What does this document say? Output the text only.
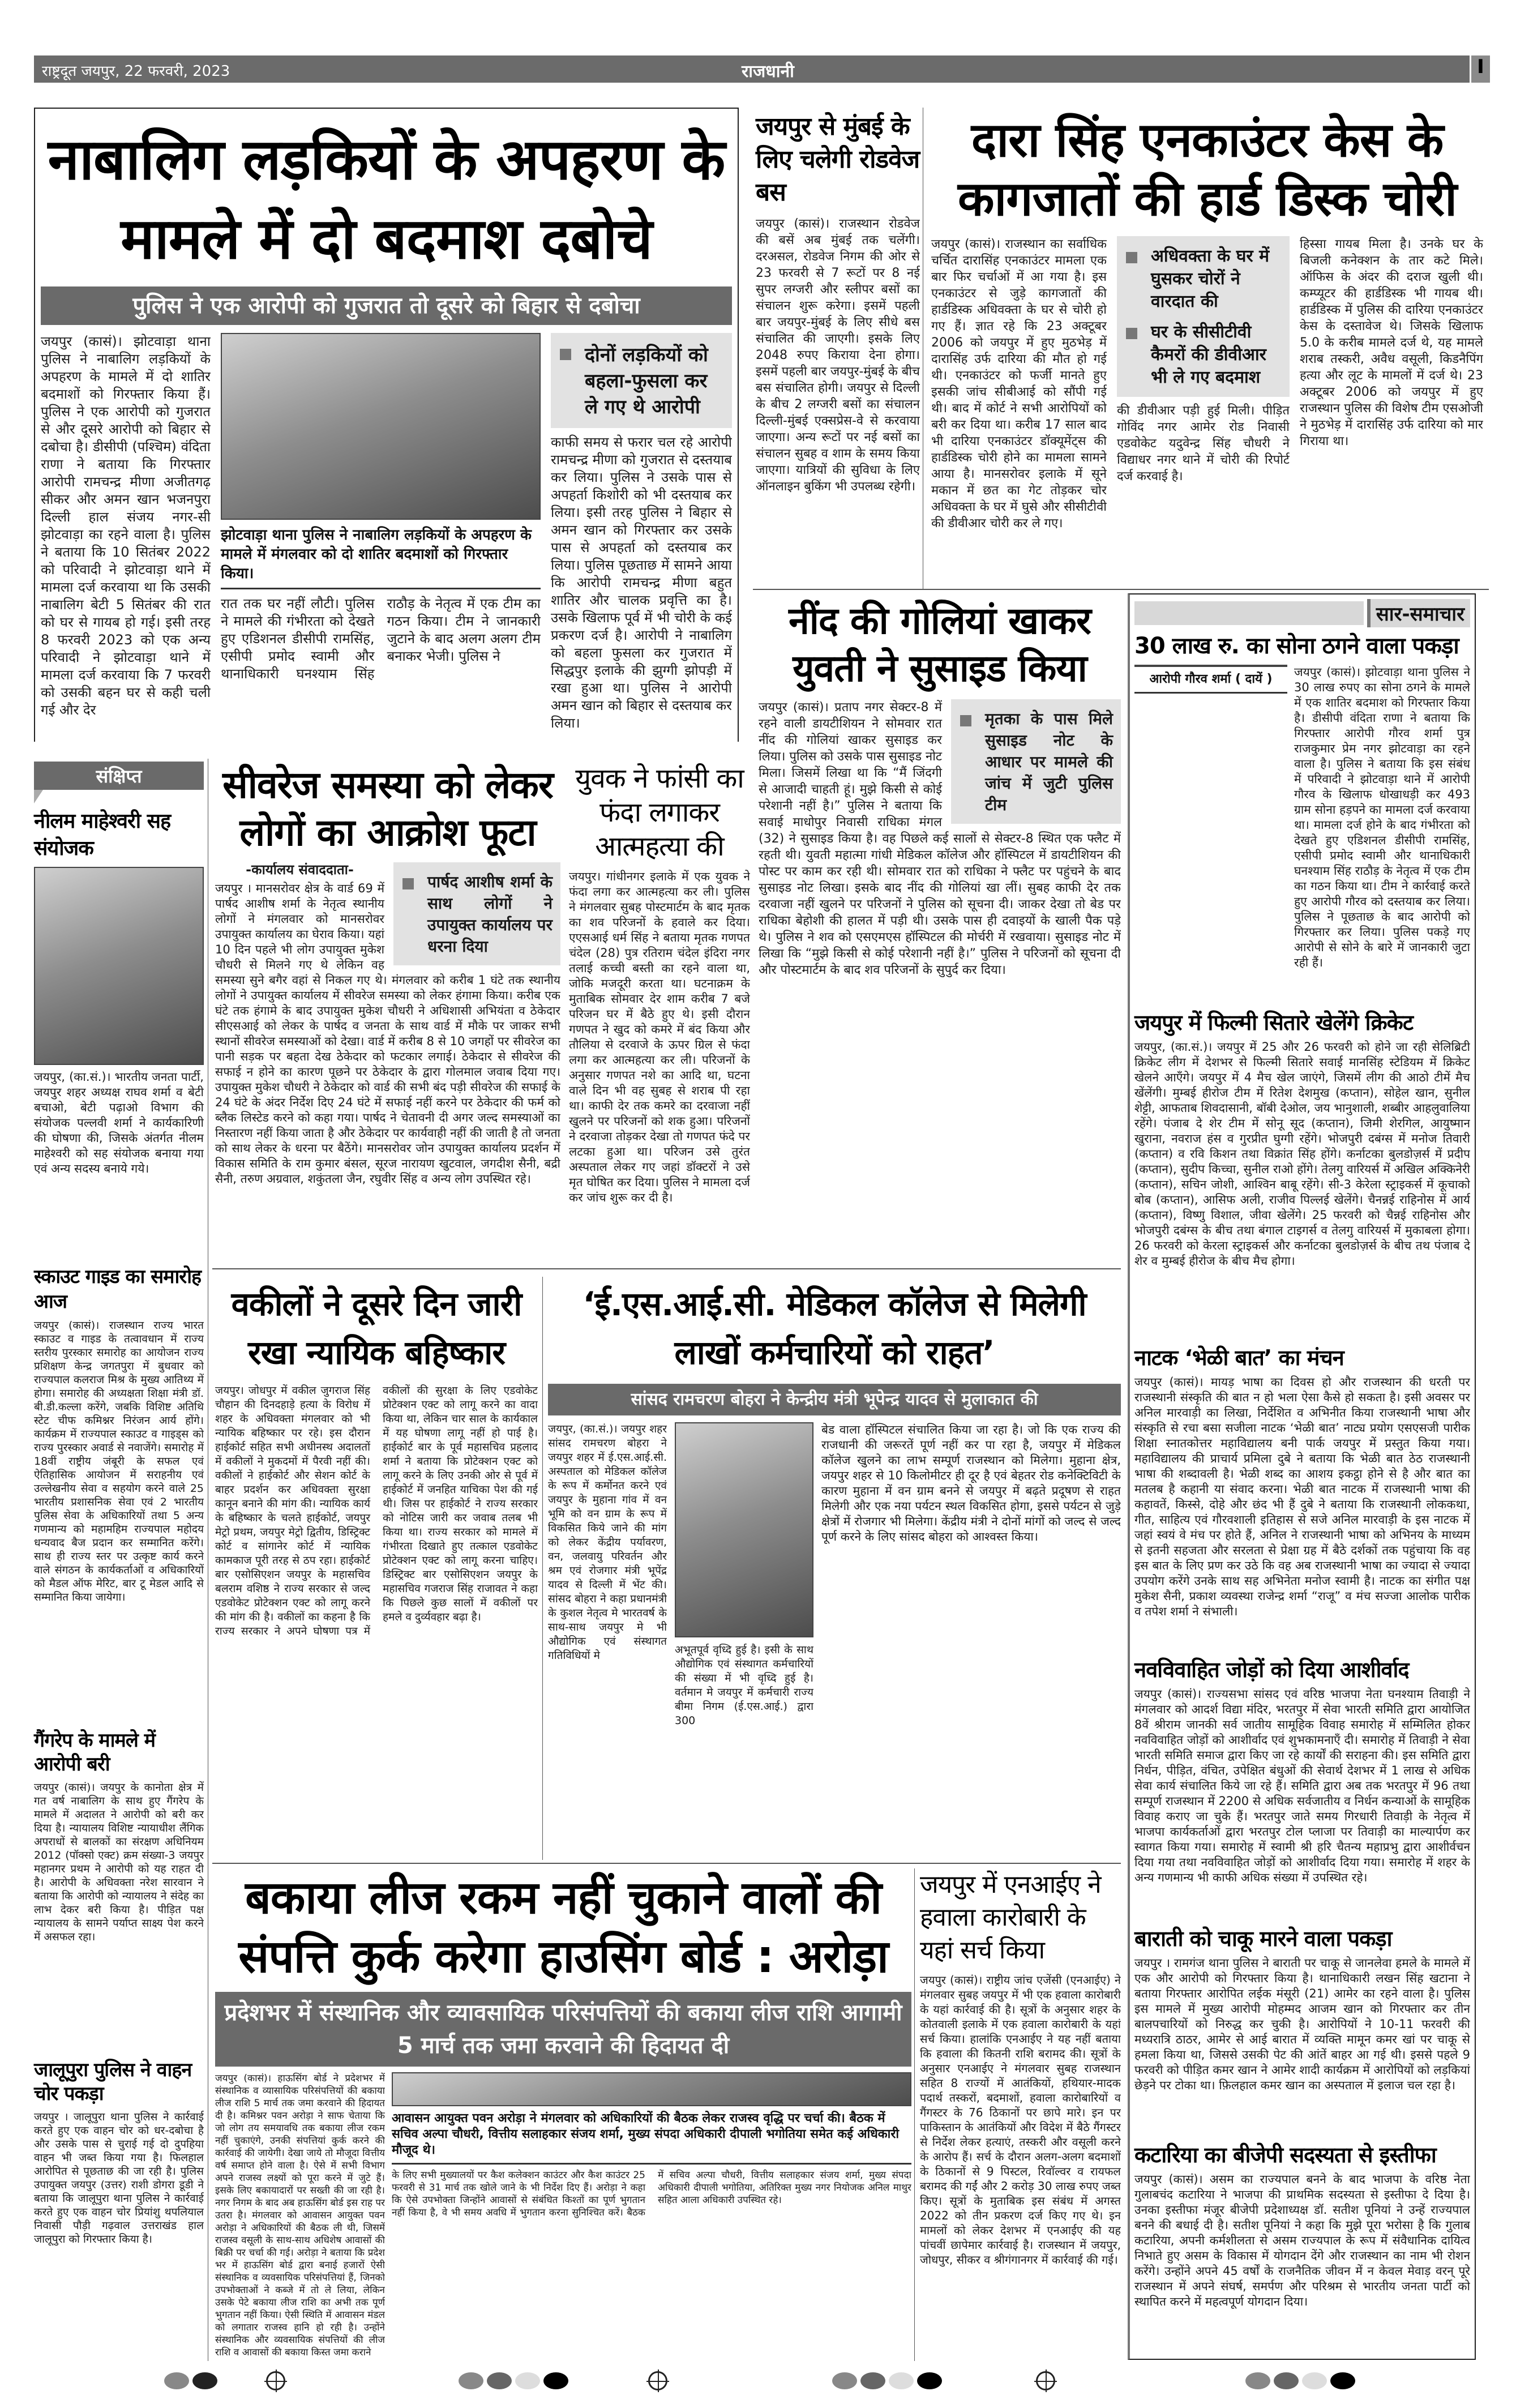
राष्ट्रदूत जयपुर, 22 फरवरी, 2023	राजधानी	I
नाबालिग लड़कियों के अपहरण के मामले में दो बदमाश दबोचे
पुलिस ने एक आरोपी को गुजरात तो दूसरे को बिहार से दबोचा
जयपुर (कासं)। झोटवाड़ा थाना पुलिस ने नाबालिग लड़कियों के अपहरण के मामले में दो शातिर बदमाशों को गिरफ्तार किया हैं। पुलिस ने एक आरोपी को गुजरात से और दूसरे आरोपी को बिहार से दबोचा है। डीसीपी (पश्चिम) वंदिता राणा ने बताया कि गिरफ्तार आरोपी रामचन्द्र मीणा अजीतगढ़ सीकर और अमन खान भजनपुरा दिल्ली हाल संजय नगर-सी झोटवाड़ा का रहने वाला है। पुलिस ने बताया कि 10 सितंबर 2022 को परिवादी ने झोटवाड़ा थाने में मामला दर्ज करवाया था कि उसकी नाबालिग बेटी 5 सितंबर की रात को घर से गायब हो गई। इसी तरह 8 फरवरी 2023 को एक अन्य परिवादी ने झोटवाड़ा थाने में मामला दर्ज करवाया कि 7 फरवरी को उसकी बहन घर से कही चली गई और देर
झोटवाड़ा थाना पुलिस ने नाबालिग लड़कियों के अपहरण के मामले में मंगलवार को दो शातिर बदमाशों को गिरफ्तार किया।
रात तक घर नहीं लौटी। पुलिस ने मामले की गंभीरता को देखते हुए एडिशनल डीसीपी रामसिंह, एसीपी प्रमोद स्वामी और थानाधिकारी घनश्याम सिंह राठौड़ के नेतृत्व में एक टीम का गठन किया। टीम ने जानकारी जुटाने के बाद अलग अलग टीम बनाकर भेजी। पुलिस ने
दोनों लड़कियों को बहला-फुसला कर ले गए थे आरोपी
काफी समय से फरार चल रहे आरोपी रामचन्द्र मीणा को गुजरात से दस्तयाब कर लिया। पुलिस ने उसके पास से अपहर्ता किशोरी को भी दस्तयाब कर लिया। इसी तरह पुलिस ने बिहार से अमन खान को गिरफ्तार कर उसके पास से अपहर्ता को दस्तयाब कर लिया। पुलिस पूछताछ में सामने आया कि आरोपी रामचन्द्र मीणा बहुत शातिर और चालक प्रवृत्ति का है। उसके खिलाफ पूर्व में भी चोरी के कई प्रकरण दर्ज है। आरोपी ने नाबालिग को बहला फुसला कर गुजरात में सिद्धपुर इलाके की झुग्गी झोपड़ी में रखा हुआ था। पुलिस ने आरोपी अमन खान को बिहार से दस्तयाब कर लिया।
जयपुर से मुंबई के लिए चलेगी रोडवेज बस
जयपुर (कासं)। राजस्थान रोडवेज की बसें अब मुंबई तक चलेंगी। दरअसल, रोडवेज निगम की ओर से 23 फरवरी से 7 रूटों पर 8 नई सुपर लग्जरी और स्लीपर बसों का संचालन शुरू करेगा। इसमें पहली बार जयपुर-मुंबई के लिए सीधे बस संचालित की जाएगी। इसके लिए 2048 रुपए किराया देना होगा। इसमें पहली बार जयपुर-मुंबई के बीच बस संचालित होगी। जयपुर से दिल्ली के बीच 2 लग्जरी बसों का संचालन दिल्ली-मुंबई एक्सप्रेस-वे से करवाया जाएगा। अन्य रूटों पर नई बसों का संचालन सुबह व शाम के समय किया जाएगा। यात्रियों की सुविधा के लिए ऑनलाइन बुकिंग भी उपलब्ध रहेगी।
दारा सिंह एनकाउंटर केस के कागजातों की हार्ड डिस्क चोरी
जयपुर (कासं)। राजस्थान का सर्वाधिक चर्चित दारासिंह एनकाउंटर मामला एक बार फिर चर्चाओं में आ गया है। इस एनकाउंटर से जुड़े कागजातों की हार्डडिस्क अधिवक्ता के घर से चोरी हो गए हैं। ज्ञात रहे कि 23 अक्टूबर 2006 को जयपुर में हुए मुठभेड़ में दारासिंह उर्फ दारिया की मौत हो गई थी। एनकाउंटर को फर्जी मानते हुए इसकी जांच सीबीआई को सौंपी गई थी। बाद में कोर्ट ने सभी आरोपियों को बरी कर दिया था। करीब 17 साल बाद भी दारिया एनकाउंटर डॉक्यूमेंट्स की हार्डडिस्क चोरी होने का मामला सामने आया है। मानसरोवर इलाके में सूने मकान में छत का गेट तोड़कर चोर अधिवक्ता के घर में घुसे और सीसीटीवी की डीवीआर चोरी कर ले गए।
अधिवक्ता के घर में घुसकर चोरों ने वारदात की
घर के सीसीटीवी कैमरों की डीवीआर भी ले गए बदमाश
की डीवीआर पड़ी हुई मिली। पीड़ित गोविंद नगर आमेर रोड निवासी एडवोकेट यदुवेन्द्र सिंह चौधरी ने विद्याधर नगर थाने में चोरी की रिपोर्ट दर्ज करवाई है।
हिस्सा गायब मिला है। उनके घर के बिजली कनेक्शन के तार कटे मिले। ऑफिस के अंदर की दराज खुली थी। कम्प्यूटर की हार्डडिस्क भी गायब थी। हार्डडिस्क में पुलिस की दारिया एनकाउंटर केस के दस्तावेज थे। जिसके खिलाफ 5.0 के करीब मामले दर्ज थे, यह मामले शराब तस्करी, अवैध वसूली, किडनैपिंग हत्या और लूट के मामलों में दर्ज थे। 23 अक्टूबर 2006 को जयपुर में हुए राजस्थान पुलिस की विशेष टीम एसओजी ने मुठभेड़ में दारासिंह उर्फ दारिया को मार गिराया था।
नींद की गोलियां खाकर युवती ने सुसाइड किया
मृतका के पास मिले सुसाइड नोट के आधार पर मामले की जांच में जुटी पुलिस टीम
जयपुर (कासं)। प्रताप नगर सेक्टर-8 में रहने वाली डायटीशियन ने सोमवार रात नींद की गोलियां खाकर सुसाइड कर लिया। पुलिस को उसके पास सुसाइड नोट मिला। जिसमें लिखा था कि “मैं जिंदगी से आजादी चाहती हूं। मुझे किसी से कोई परेशानी नहीं है।” पुलिस ने बताया कि सवाई माधोपुर निवासी राधिका मंगल (32) ने सुसाइड किया है। वह पिछले कई सालों से सेक्टर-8 स्थित एक फ्लैट में रहती थी। युवती महात्मा गांधी मेडिकल कॉलेज और हॉस्पिटल में डायटीशियन की पोस्ट पर काम कर रही थी। सोमवार रात को राधिका ने फ्लैट पर पहुंचने के बाद सुसाइड नोट लिखा। इसके बाद नींद की गोलियां खा लीं। सुबह काफी देर तक दरवाजा नहीं खुलने पर परिजनों ने पुलिस को सूचना दी। जाकर देखा तो बेड पर राधिका बेहोशी की हालत में पड़ी थी। उसके पास ही दवाइयों के खाली पैक पड़े थे। पुलिस ने शव को एसएमएस हॉस्पिटल की मोर्चरी में रखवाया। सुसाइड नोट में लिखा कि “मुझे किसी से कोई परेशानी नहीं है।” पुलिस ने परिजनों को सूचना दी और पोस्टमार्टम के बाद शव परिजनों के सुपुर्द कर दिया।
सार-समाचार
30 लाख रु. का सोना ठगने वाला पकड़ा
आरोपी गौरव शर्मा ( दायें )	जयपुर (कासं)। झोटवाड़ा थाना पुलिस ने 30 लाख रुपए का सोना ठगने के मामले में एक शातिर बदमाश को गिरफ्तार किया है। डीसीपी वंदिता राणा ने बताया कि गिरफ्तार आरोपी गौरव शर्मा पुत्र राजकुमार प्रेम नगर झोटवाड़ा का रहने वाला है। पुलिस ने बताया कि इस संबंध में परिवादी ने झोटवाड़ा थाने में आरोपी गौरव के खिलाफ धोखाधड़ी कर 493 ग्राम सोना हड़पने का मामला दर्ज करवाया था। मामला दर्ज होने के बाद गंभीरता को देखते हुए एडिशनल डीसीपी रामसिंह, एसीपी प्रमोद स्वामी और थानाधिकारी घनश्याम सिंह राठौड़ के नेतृत्व में एक टीम का गठन किया था। टीम ने कार्रवाई करते हुए आरोपी गौरव को दस्तयाब कर लिया। पुलिस ने पूछताछ के बाद आरोपी को गिरफ्तार कर लिया। पुलिस पकड़े गए आरोपी से सोने के बारे में जानकारी जुटा रही हैं।
जयपुर में फिल्मी सितारे खेलेंगे क्रिकेट
जयपुर, (का.सं.)। जयपुर में 25 और 26 फरवरी को होने जा रही सेलिब्रिटी क्रिकेट लीग में देशभर से फिल्मी सितारे सवाई मानसिंह स्टेडियम में क्रिकेट खेलने आएँगे। जयपुर में 4 मैच खेल जाएंगे, जिसमें लीग की आठो टीमें मैच खेंलेंगी। मुम्बई हीरोज टीम में रितेश देशमुख (कप्तान), सोहेल खान, सुनील शेट्टी, आफताब शिवदासानी, बॉबी देओल, जय भानुशाली, शब्बीर आहलुवालिया रहेंगे। पंजाब दे शेर टीम में सोनू सूद (कप्तान), जिमी शेरगिल, आयुष्मान खुराना, नवराज हंस व गुरप्रीत घुग्गी रहेंगे। भोजपुरी दबंग्स में मनोज तिवारी (कप्तान) व रवि किशन तथा विक्रांत सिंह होंगे। कर्नाटका बुलडोज़र्स में प्रदीप (कप्तान), सुदीप किच्चा, सुनील राओ होंगे। तेलगु वारियर्स में अखिल अक्किनेरी (कप्तान), सचिन जोशी, आश्विन बाबू रहेंगे। सी-3 केरेला स्ट्राइकर्स में कूचाको बोब (कप्तान), आसिफ अली, राजीव पिल्लई खेलेंगे। चैनन्नई राहिनोस में आर्य (कप्तान), विष्णु विशाल, जीवा खेलेंगे। 25 फरवरी को चैन्नई राहिनोस और भोजपुरी दबंग्स के बीच तथा बंगाल टाइगर्स व तेलगु वारियर्स में मुकाबला होगा। 26 फरवरी को केरला स्ट्राइकर्स और कर्नाटका बुलडोज़र्स के बीच तथ पंजाब दे शेर व मुम्बई हीरोज के बीच मैच होगा।
नाटक ‘भेळी बात’ का मंचन
जयपुर (कासं)। मायड़ भाषा का दिवस हो और राजस्थान की धरती पर राजस्थानी संस्कृति की बात न हो भला ऐसा कैसे हो सकता है। इसी अवसर पर अनिल मारवाड़ी का लिखा, निर्देशित व अभिनीत किया राजस्थानी भाषा और संस्कृति से रचा बसा सजीला नाटक ‘भेळी बात’ नाट्य प्रयोग एसएसजी पारीक शिक्षा स्नातकोत्तर महाविद्यालय बनी पार्क जयपुर में प्रस्तुत किया गया। महाविद्यालय की प्राचार्य प्रमिला दुबे ने बताया कि भेळी बात ठेठ राजस्थानी भाषा की शब्दावली है। भेळी शब्द का आशय इकट्ठा होने से है और बात का मतलब है कहानी या संवाद करना। भेळी बात नाटक में राजस्थानी भाषा की कहावतें, किस्से, दोहे और छंद भी हैं दुबे ने बताया कि राजस्थानी लोककथा, गीत, साहित्य एवं गौरवशाली इतिहास से सजे अनिल मारवाड़ी के इस नाटक में जहां स्वयं वे मंच पर होते हैं, अनिल ने राजस्थानी भाषा को अभिनय के माध्यम से इतनी सहजता और सरलता से प्रेक्षा ग्रह में बैठे दर्शकों तक पहुंचाया कि वह इस बात के लिए प्रण कर उठे कि वह अब राजस्थानी भाषा का ज्यादा से ज्यादा उपयोग करेंगे उनके साथ सह अभिनेता मनोज स्वामी है। नाटक का संगीत पक्ष मुकेश सैनी, प्रकाश व्यवस्था राजेन्द्र शर्मा “राजू” व मंच सज्जा आलोक पारीक व तपेश शर्मा ने संभाली।
नवविवाहित जोड़ों को दिया आशीर्वाद
जयपुर (कासं)। राज्यसभा सांसद एवं वरिष्ठ भाजपा नेता घनश्याम तिवाड़ी ने मंगलवार को आदर्श विद्या मंदिर, भरतपुर में सेवा भारती समिति द्वारा आयोजित 8वें श्रीराम जानकी सर्व जातीय सामूहिक विवाह समारोह में सम्मिलित होकर नवविवाहित जोड़ों को आशीर्वाद एवं शुभकामनाएँ दी। समारोह में तिवाड़ी ने सेवा भारती समिति समाज द्वारा किए जा रहे कार्यों की सराहना की। इस समिति द्वारा निर्धन, पीड़ित, वंचित, उपेक्षित बंधुओं की सेवार्थ देशभर में 1 लाख से अधिक सेवा कार्य संचालित किये जा रहे हैं। समिति द्वारा अब तक भरतपुर में 96 तथा सम्पूर्ण राजस्थान में 2200 से अधिक सर्वजातीय व निर्धन कन्याओं के सामूहिक विवाह कराए जा चुके हैं। भरतपुर जाते समय गिरधारी तिवाड़ी के नेतृत्व में भाजपा कार्यकर्ताओं द्वारा भरतपुर टोल प्लाजा पर तिवाड़ी का माल्यार्पण कर स्वागत किया गया। समारोह में स्वामी श्री हरि चैतन्य महाप्रभु द्वारा आशीर्वचन दिया गया तथा नवविवाहित जोड़ों को आशीर्वाद दिया गया। समारोह में शहर के अन्य गणमान्य भी काफी अधिक संख्या में उपस्थित रहे।
बाराती को चाकू मारने वाला पकड़ा
जयपुर । रामगंज थाना पुलिस ने बाराती पर चाकू से जानलेवा हमले के मामले में एक और आरोपी को गिरफ्तार किया है। थानाधिकारी लखन सिंह खटाना ने बताया गिरफ्तार आरोपित लईक मंसूरी (21) आमेर का रहने वाला है। पुलिस इस मामले में मुख्य आरोपी मोहम्मद आजम खान को गिरफ्तार कर तीन बालपचारियों को निरुद्ध कर चुकी है। आरोपियों ने 10-11 फरवरी की मध्यरात्रि ठाठर, आमेर से आई बारात में व्यक्ति मामून कमर खां पर चाकू से हमला किया था, जिससे उसकी पेट की आंतें बाहर आ गई थी। इससे पहले 9 फरवरी को पीड़ित कमर खान ने आमेर शादी कार्यक्रम में आरोपियों को लड़कियां छेड़ने पर टोका था। फ़िलहाल कमर खान का अस्पताल में इलाज चल रहा है।
कटारिया का बीजेपी सदस्यता से इस्तीफा
जयपुर (कासं)। असम का राज्यपाल बनने के बाद भाजपा के वरिष्ठ नेता गुलाबचंद कटारिया ने भाजपा की प्राथमिक सदस्यता से इस्तीफा दे दिया है। उनका इस्तीफा मंजूर बीजेपी प्रदेशाध्यक्ष डॉ. सतीश पूनियां ने उन्हें राज्यपाल बनने की बधाई दी है। सतीश पूनियां ने कहा कि मुझे पूरा भरोसा है कि गुलाब कटारिया, अपनी कर्मशीलता से असम राज्यपाल के रूप में संवैधानिक दायित्व निभाते हुए असम के विकास में योगदान देंगे और राजस्थान का नाम भी रोशन करेंगे। उन्होंने अपने 45 वर्षों के राजनैतिक जीवन में न केवल मेवाड़ वरन् पूरे राजस्थान में अपने संघर्ष, समर्पण और परिश्रम से भारतीय जनता पार्टी को स्थापित करने में महत्वपूर्ण योगदान दिया।
संक्षिप्त
नीलम माहेश्वरी सह संयोजक
जयपुर, (का.सं.)। भारतीय जनता पार्टी, जयपुर शहर अध्यक्ष राघव शर्मा व बेटी बचाओ, बेटी पढ़ाओ विभाग की संयोजक पल्लवी शर्मा ने कार्यकारिणी की घोषणा की, जिसके अंतर्गत नीलम माहेश्वरी को सह संयोजक बनाया गया एवं अन्य सदस्य बनाये गये।
स्काउट गाइड का समारोह आज
जयपुर (कासं)। राजस्थान राज्य भारत स्काउट व गाइड के तत्वावधान में राज्य स्तरीय पुरस्कार समारोह का आयोजन राज्य प्रशिक्षण केन्द्र जगतपुरा में बुधवार को राज्यपाल कलराज मिश्र के मुख्य आतिथ्य में होगा। समारोह की अध्यक्षता शिक्षा मंत्री डॉ. बी.डी.कल्ला करेंगे, जबकि विशिष्ट अतिथि स्टेट चीफ कमिश्नर निरंजन आर्य होंगे। कार्यक्रम में राज्यपाल स्काउट व गाइड्स को राज्य पुरस्कार अवार्ड से नवाजेंगे। समारोह में 18वीं राष्ट्रीय जंबूरी के सफल एवं ऐतिहासिक आयोजन में सराहनीय एवं उल्लेखनीय सेवा व सहयोग करने वाले 25 भारतीय प्रशासनिक सेवा एवं 2 भारतीय पुलिस सेवा के अधिकारियों तथा 5 अन्य गणमान्य को महामहिम राज्यपाल महोदय धन्यवाद बैज प्रदान कर सम्मानित करेंगे। साथ ही राज्य स्तर पर उत्कृष्ट कार्य करने वाले संगठन के कार्यकर्ताओं व अधिकारियों को मैडल ऑफ मेरिट, बार टू मेडल आदि से सम्मानित किया जायेगा।
गैंगरेप के मामले में आरोपी बरी
जयपुर (कासं)। जयपुर के कानोता क्षेत्र में गत वर्ष नाबालिग के साथ हुए गैंगरेप के मामले में अदालत ने आरोपी को बरी कर दिया है। न्यायालय विशिष्ट न्यायाधीश लैंगिक अपराधों से बालकों का संरक्षण अधिनियम 2012 (पॉक्सो एक्ट) क्रम संख्या-3 जयपुर महानगर प्रथम ने आरोपी को यह राहत दी है। आरोपी के अधिवक्ता नरेश सारवान ने बताया कि आरोपी को न्यायालय ने संदेह का लाभ देकर बरी किया है। पीड़ित पक्ष न्यायालय के सामने पर्याप्त साक्ष्य पेश करने में असफल रहा।
जालूपुरा पुलिस ने वाहन चोर पकड़ा
जयपुर । जालूपुरा थाना पुलिस ने कार्रवाई करते हुए एक वाहन चोर को धर-दबोचा है और उसके पास से चुराई गई दो दुपहिया वाहन भी जब्त किया गया है। फिलहाल आरोपित से पूछताछ की जा रही है। पुलिस उपायुक्त जयपुर (उत्तर) राशी डोगरा डूडी ने बताया कि जालूपुरा थाना पुलिस ने कार्रवाई करते हुए एक वाहन चोर प्रियांशु थपलियाल निवासी पौड़ी गढ़वाल उत्तराखंड हाल जालूपुरा को गिरफ्तार किया है।
सीवरेज समस्या को लेकर लोगों का आक्रोश फूटा
पार्षद आशीष शर्मा के साथ लोगों ने उपायुक्त कार्यालय पर धरना दिया
-कार्यालय संवाददाता-
जयपुर । मानसरोवर क्षेत्र के वार्ड 69 में पार्षद आशीष शर्मा के नेतृत्व स्थानीय लोगों ने मंगलवार को मानसरोवर उपायुक्त कार्यालय का घेराव किया। यहां 10 दिन पहले भी लोग उपायुक्त मुकेश चौधरी से मिलने गए थे लेकिन वह समस्या सुने बगैर वहां से निकल गए थे। मंगलवार को करीब 1 घंटे तक स्थानीय लोगों ने उपायुक्त कार्यालय में सीवरेज समस्या को लेकर हंगामा किया। करीब एक घंटे तक हंगामे के बाद उपायुक्त मुकेश चौधरी ने अधिशासी अभियंता व ठेकेदार सीएसआई को लेकर के पार्षद व जनता के साथ वार्ड में मौके पर जाकर सभी स्थानों सीवरेज समस्याओं को देखा। वार्ड में करीब 8 से 10 जगहों पर सीवरेज का पानी सड़क पर बहता देख ठेकेदार को फटकार लगाई। ठेकेदार से सीवरेज की सफाई न होने का कारण पूछने पर ठेकेदार के द्वारा गोलमाल जवाब दिया गए। उपायुक्त मुकेश चौधरी ने ठेकेदार को वार्ड की सभी बंद पड़ी सीवरेज की सफाई के 24 घंटे के अंदर निर्देश दिए 24 घंटे में सफाई नहीं करने पर ठेकेदार की फर्म को ब्लैक लिस्टेड करने को कहा गया। पार्षद ने चेतावनी दी अगर जल्द समस्याओं का निस्तारण नहीं किया जाता है और ठेकेदार पर कार्यवाही नहीं की जाती है तो जनता को साथ लेकर के धरना पर बैठेंगे। मानसरोवर जोन उपायुक्त कार्यालय प्रदर्शन में विकास समिति के राम कुमार बंसल, सूरज नारायण खुटवाल, जगदीश सैनी, बद्री सैनी, तरुण अग्रवाल, शकुंतला जैन, रघुवीर सिंह व अन्य लोग उपस्थित रहे।
युवक ने फांसी का फंदा लगाकर आत्महत्या की
जयपुर। गांधीनगर इलाके में एक युवक ने फंदा लगा कर आत्महत्या कर ली। पुलिस ने मंगलवार सुबह पोस्टमार्टम के बाद मृतक का शव परिजनों के हवाले कर दिया। एएसआई धर्म सिंह ने बताया मृतक गणपत चंदेल (28) पुत्र रतिराम चंदेल इंदिरा नगर तलाई कच्ची बस्ती का रहने वाला था, जोकि मजदूरी करता था। घटनाक्रम के मुताबिक सोमवार देर शाम करीब 7 बजे परिजन घर में बैठे हुए थे। इसी दौरान गणपत ने खुद को कमरे में बंद किया और तौलिया से दरवाजे के ऊपर ग्रिल से फंदा लगा कर आत्महत्या कर ली। परिजनों के अनुसार गणपत नशे का आदि था, घटना वाले दिन भी वह सुबह से शराब पी रहा था। काफी देर तक कमरे का दरवाजा नहीं खुलने पर परिजनों को शक हुआ। परिजनों ने दरवाजा तोड़कर देखा तो गणपत फंदे पर लटका हुआ था। परिजन उसे तुरंत अस्पताल लेकर गए जहां डॉक्टरों ने उसे मृत घोषित कर दिया। पुलिस ने मामला दर्ज कर जांच शुरू कर दी है।
वकीलों ने दूसरे दिन जारी रखा न्यायिक बहिष्कार
जयपुर। जोधपुर में वकील जुगराज सिंह चौहान की दिनदहाड़े हत्या के विरोध में शहर के अधिवक्ता मंगलवार को भी न्यायिक बहिष्कार पर रहे। इस दौरान हाईकोर्ट सहित सभी अधीनस्थ अदालतों में वकीलों ने मुकदमों में पैरवी नहीं की। वकीलों ने हाईकोर्ट और सेशन कोर्ट के बाहर प्रदर्शन कर अधिवक्ता सुरक्षा कानून बनाने की मांग की। न्यायिक कार्य के बहिष्कार के चलते हाईकोर्ट, जयपुर मेट्रो प्रथम, जयपुर मेट्रो द्वितीय, डिस्ट्रिक्ट कोर्ट व सांगानेर कोर्ट में न्यायिक कामकाज पूरी तरह से ठप रहा। हाईकोर्ट बार एसोसिएशन जयपुर के महासचिव बलराम वशिष्ठ ने राज्य सरकार से जल्द एडवोकेट प्रोटेक्शन एक्ट को लागू करने की मांग की है। वकीलों का कहना है कि राज्य सरकार ने अपने घोषणा पत्र में वकीलों की सुरक्षा के लिए एडवोकेट प्रोटेक्शन एक्ट को लागू करने का वादा किया था, लेकिन चार साल के कार्यकाल में यह घोषणा लागू नहीं हो पाई है। हाईकोर्ट बार के पूर्व महासचिव प्रहलाद शर्मा ने बताया कि प्रोटेक्शन एक्ट को लागू करने के लिए उनकी ओर से पूर्व में हाईकोर्ट में जनहित याचिका पेश की गई थी। जिस पर हाईकोर्ट ने राज्य सरकार को नोटिस जारी कर जवाब तलब भी किया था। राज्य सरकार को मामले में गंभीरता दिखाते हुए तत्काल एडवोकेट प्रोटेक्शन एक्ट को लागू करना चाहिए। डिस्ट्रिक्ट बार एसोसिएशन जयपुर के महासचिव गजराज सिंह राजावत ने कहा कि पिछले कुछ सालों में वकीलों पर हमले व दुर्व्यवहार बढ़ा है।
‘ई.एस.आई.सी. मेडिकल कॉलेज से मिलेगी लाखों कर्मचारियों को राहत’
सांसद रामचरण बोहरा ने केन्द्रीय मंत्री भूपेन्द्र यादव से मुलाकात की
जयपुर, (का.सं.)। जयपुर शहर सांसद रामचरण बोहरा ने जयपुर शहर में ई.एस.आई.सी. अस्पताल को मेडिकल कॉलेज के रूप में कर्मोनत करने एवं जयपुर के मुहाना गांव में वन भूमि को वन ग्राम के रूप में विकसित किये जाने की मांग को लेकर केंद्रीय पर्यावरण, वन, जलवायु परिवर्तन और श्रम एवं रोजगार मंत्री भूपेंद्र यादव से दिल्ली में भेंट की। सांसद बोहरा ने कहा प्रधानमंत्री के कुशल नेतृत्व मे भारतवर्ष के साथ-साथ जयपुर मे भी औद्योगिक एवं संस्थागत गतिविधियों मे	अभूतपूर्व वृध्दि हुई है। इसी के साथ औद्योगिक एवं संस्थागत कर्मचारियों की संख्या में भी वृध्दि हुई है। वर्तमान मे जयपुर में कर्मचारी राज्य बीमा निगम (ई.एस.आई.) द्वारा 300
बेड वाला हॉस्पिटल संचालित किया जा रहा है। जो कि एक राज्य की राजधानी की जरूरतें पूर्ण नहीं कर पा रहा है, जयपुर में मेडिकल कॉलेज खुलने का लाभ सम्पूर्ण राजस्थान को मिलेगा। मुहाना क्षेत्र, जयपुर शहर से 10 किलोमीटर ही दूर है एवं बेहतर रोड कनेक्टिविटी के कारण मुहाना में वन ग्राम बनने से जयपुर में बढ़ते प्रदूषण से राहत मिलेगी और एक नया पर्यटन स्थल विकसित होगा, इससे पर्यटन से जुड़े क्षेत्रों में रोजगार भी मिलेगा। केंद्रीय मंत्री ने दोनों मांगों को जल्द से जल्द पूर्ण करने के लिए सांसद बोहरा को आश्वस्त किया।
बकाया लीज रकम नहीं चुकाने वालों की संपत्ति कुर्क करेगा हाउसिंग बोर्ड : अरोड़ा
प्रदेशभर में संस्थानिक और व्यावसायिक परिसंपत्तियों की बकाया लीज राशि आगामी 5 मार्च तक जमा करवाने की हिदायत दी
जयपुर (कासं)। हाऊसिंग बोर्ड ने प्रदेशभर में संस्थानिक व व्यासायिक परिसंपत्तियों की बकाया लीज राशि 5 मार्च तक जमा करवाने की हिदायत दी है। कमिश्नर पवन अरोड़ा ने साफ चेताया कि जो लोग तय समयावधि तक बकाया लीज रकम नहीं चुकाएंगे, उनकी संपत्तियां कुर्क करने की कार्रवाई की जायेगी। देखा जाये तो मौजूदा वित्तीय वर्ष समाप्त होने वाला है। ऐसे में सभी विभाग अपने राजस्व लक्ष्यों को पूरा करने में जुटे हैं। इसके लिए बकायादारों पर सख्ती की जा रही है। नगर निगम के बाद अब हाऊसिंग बोर्ड इस राह पर उतरा है। मंगलवार को आवासन आयुक्त पवन अरोड़ा ने अधिकारियों की बैठक ली थी, जिसमें राजस्व वसूली के साथ-साथ अधिशेष आवासों की बिक्री पर चर्चा की गई। अरोड़ा ने बताया कि प्रदेश भर में हाऊसिंग बोर्ड द्वारा बनाई हजारों ऐसी संस्थानिक व व्यवसायिक परिसंपत्तियां हैं, जिनको उपभोक्ताओं ने कब्जे में तो ले लिया, लेकिन उसके पेटे बकाया लीज राशि का अभी तक पूर्ण भुगतान नहीं किया। ऐसी स्थिति में आवासन मंडल को लगातार राजस्व हानि हो रही है। उन्होंने संस्थानिक और व्यवसायिक संपत्तियों की लीज राशि व आवासों की बकाया किस्त जमा कराने
आवासन आयुक्त पवन अरोड़ा ने मंगलवार को अधिकारियों की बैठक लेकर राजस्व वृद्धि पर चर्चा की। बैठक में सचिव अल्पा चौधरी, वित्तीय सलाहकार संजय शर्मा, मुख्य संपदा अधिकारी दीपाली भगोतिया समेत कई अधिकारी मौजूद थे।
के लिए सभी मुख्यालयों पर कैश कलेक्शन काउंटर और कैश काउंटर 25 फरवरी से 31 मार्च तक खोले जाने के भी निर्देश दिए हैं। अरोड़ा ने कहा कि ऐसे उपभोक्ता जिन्होंने आवासों से संबंधित किश्तों का पूर्ण भुगतान नहीं किया है, वे भी समय अवधि में भुगतान करना सुनिश्चित करें। बैठक में सचिव अल्पा चौधरी, वित्तीय सलाहकार संजय शर्मा, मुख्य संपदा अधिकारी दीपाली भगोतिया, अतिरिक्त मुख्य नगर नियोजक अनिल माथुर सहित आला अधिकारी उपस्थित रहे।
जयपुर में एनआईए ने हवाला कारोबारी के यहां सर्च किया
जयपुर (कासं)। राष्ट्रीय जांच एजेंसी (एनआईए) ने मंगलवार सुबह जयपुर में भी एक हवाला कारोबारी के यहां कार्रवाई की है। सूत्रों के अनुसार शहर के कोतवाली इलाके में एक हवाला कारोबारी के यहां सर्च किया। हालांकि एनआईए ने यह नहीं बताया कि हवाला की कितनी राशि बरामद की। सूत्रों के अनुसार एनआईए ने मंगलवार सुबह राजस्थान सहित 8 राज्यों में आतंकियों, हथियार-मादक पदार्थ तस्करों, बदमाशों, हवाला कारोबारियों व गैंगस्टर के 76 ठिकानों पर छापे मारे। इन पर पाकिस्तान के आतंकियों और विदेश में बैठे गैंगस्टर से निर्देश लेकर हत्याएं, तस्करी और वसूली करने के आरोप हैं। सर्च के दौरान अलग-अलग बदमाशों के ठिकानों से 9 पिस्टल, रिवॉल्वर व रायफल बरामद की गईं और 2 करोड़ 30 लाख रुपए जब्त किए। सूत्रों के मुताबिक इस संबंध में अगस्त 2022 को तीन प्रकरण दर्ज किए गए थे। इन मामलों को लेकर देशभर में एनआईए की यह पांचवीं छापेमार कार्रवाई है। राजस्थान में जयपुर, जोधपुर, सीकर व श्रीगंगानगर में कार्रवाई की गई।
